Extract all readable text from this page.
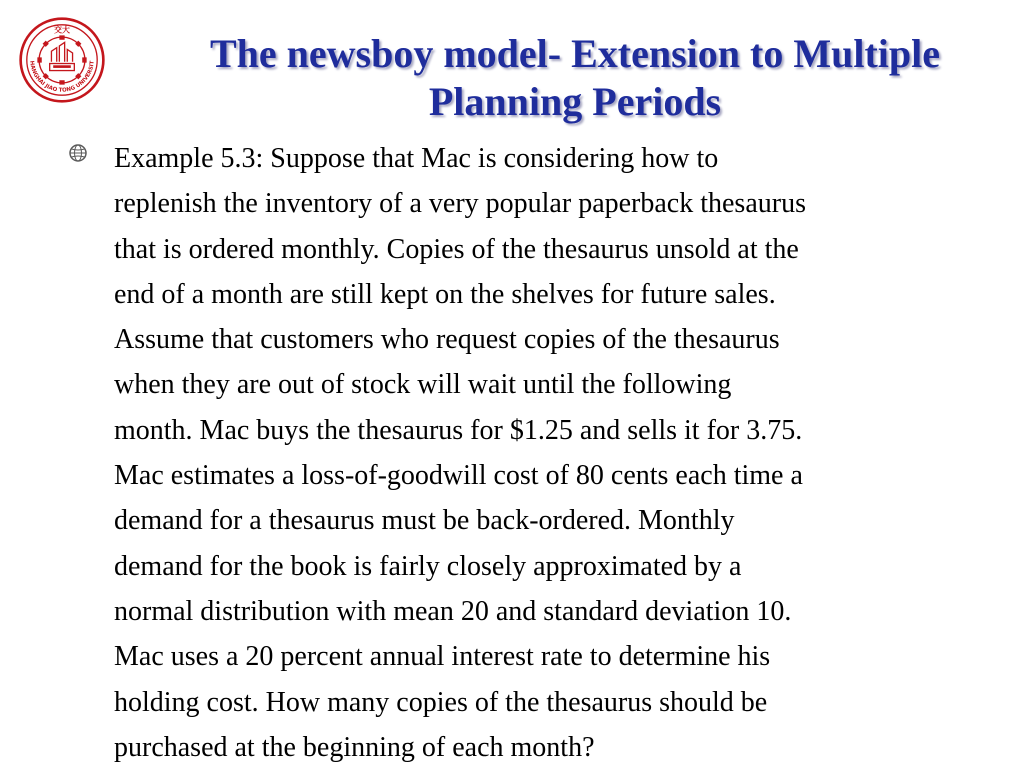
HANGHAI JIAO TONG UNIVERSIT
交大
The newsboy model- Extension to Multiple
Planning Periods

Example 5.3: Suppose that Mac is considering how to
replenish the inventory of a very popular paperback thesaurus
that is ordered monthly. Copies of the thesaurus unsold at the
end of a month are still kept on the shelves for future sales.
Assume that customers who request copies of the thesaurus
when they are out of stock will wait until the following
month. Mac buys the thesaurus for $1.25 and sells it for 3.75.
Mac estimates a loss-of-goodwill cost of 80 cents each time a
demand for a thesaurus must be back-ordered. Monthly
demand for the book is fairly closely approximated by a
normal distribution with mean 20 and standard deviation 10.
Mac uses a 20 percent annual interest rate to determine his
holding cost. How many copies of the thesaurus should be
purchased at the beginning of each month?
